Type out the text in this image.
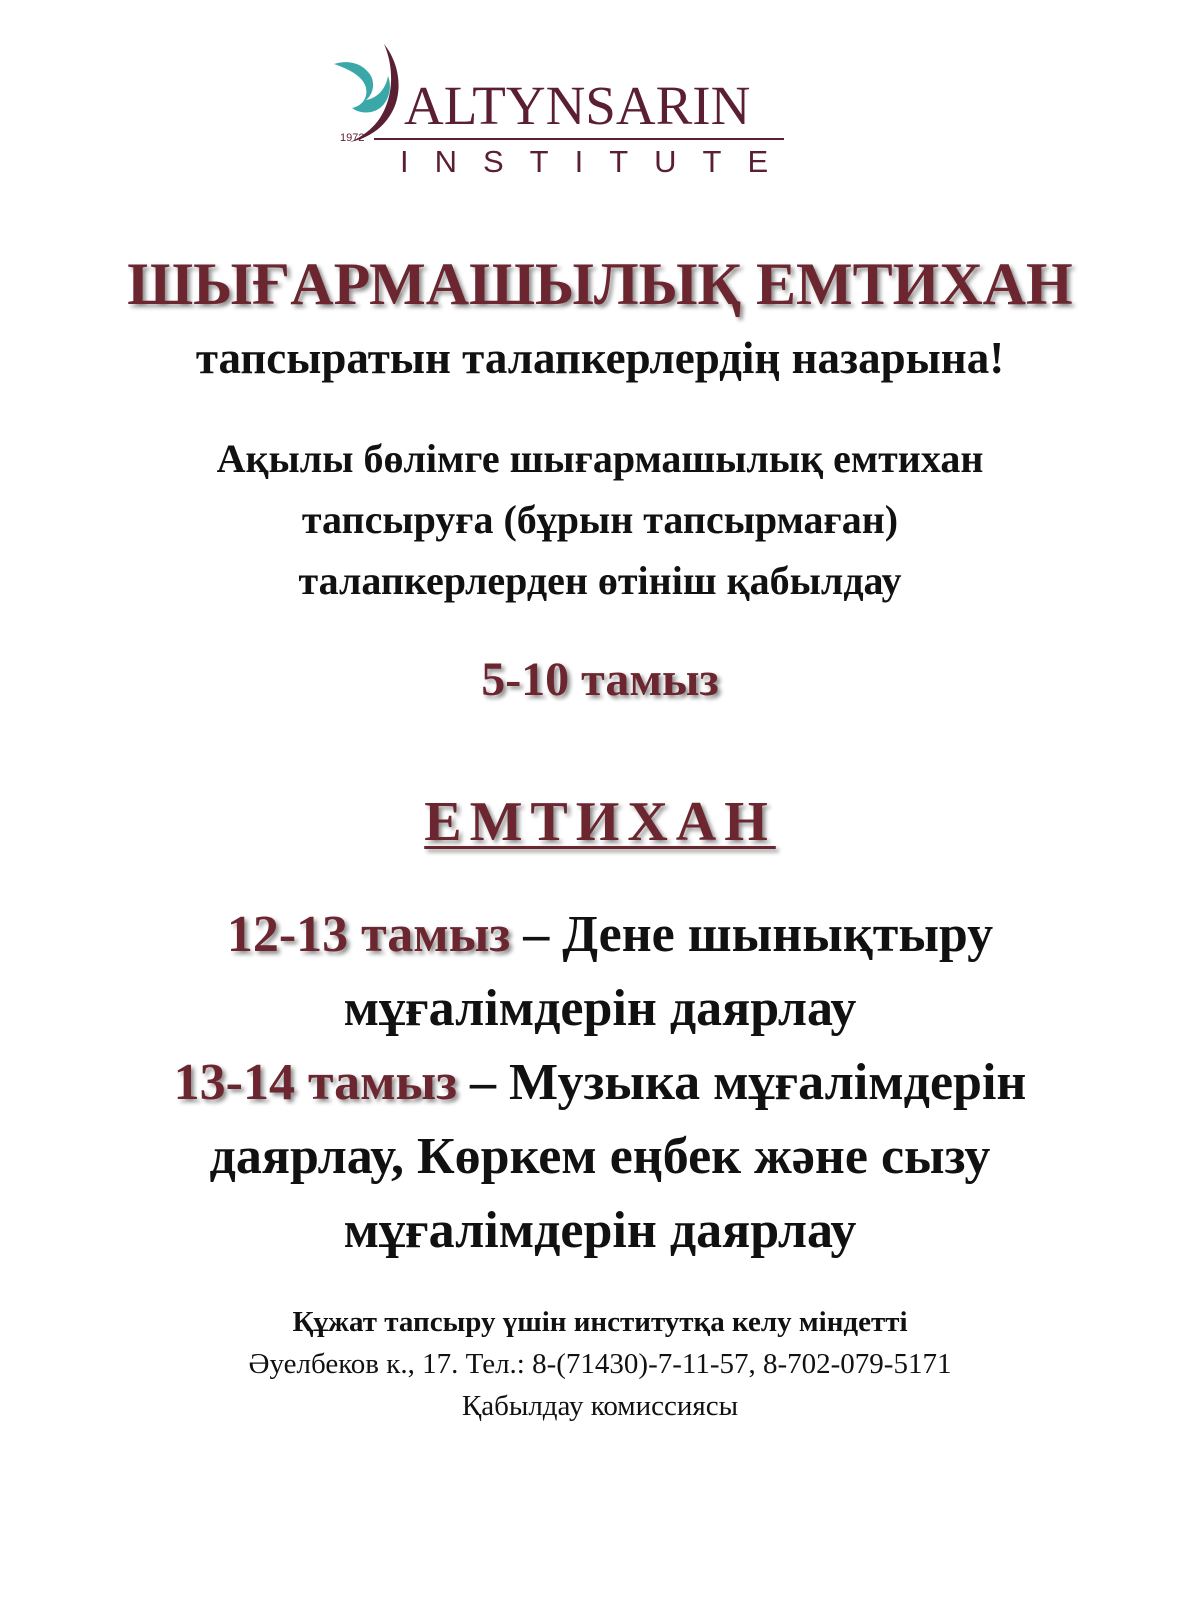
ALTYNSARIN
1972
INSTITUTE
ШЫҒАРМАШЫЛЫҚ ЕМТИХАН
тапсыратын талапкерлердің назарына!
Ақылы бөлімге шығармашылық емтихан
тапсыруға (бұрын тапсырмаған)
талапкерлерден өтініш қабылдау
5-10 тамыз
ЕМТИХАН
12-13 тамыз – Дене шынықтыру
мұғалімдерін даярлау
13-14 тамыз – Музыка мұғалімдерін
даярлау, Көркем еңбек және сызу
мұғалімдерін даярлау
Құжат тапсыру үшін институтқа келу міндетті
Әуелбеков к., 17. Тел.: 8-(71430)-7-11-57, 8-702-079-5171
Қабылдау комиссиясы
